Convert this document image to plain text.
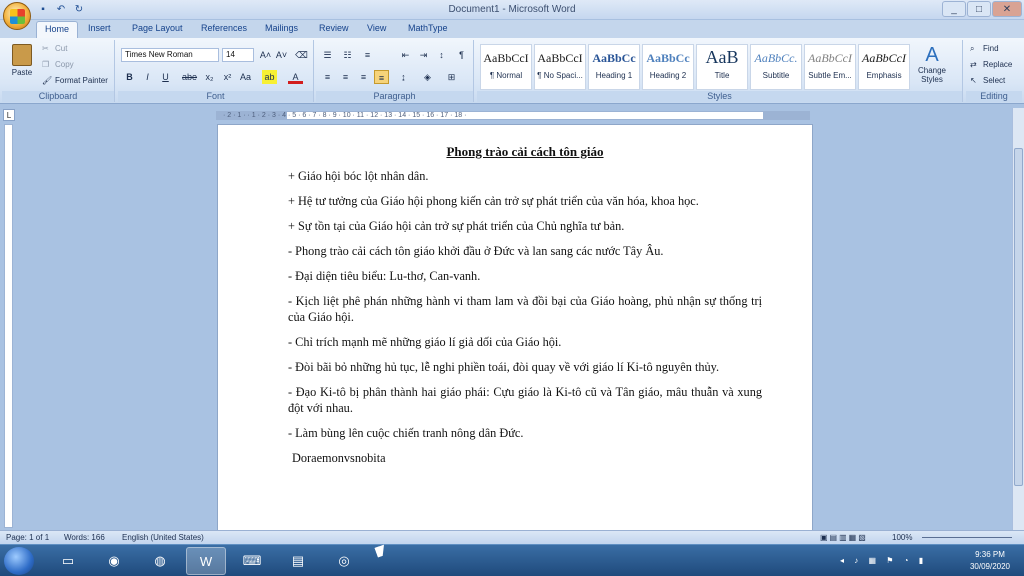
▪	↶ ↻	Document1 - Microsoft Word	_	□	✕
Home	Insert Page Layout References Mailings Review View MathType
Paste
✂ Cut
❐ Copy
🖌 Format Painter
Clipboard
Times New Roman	14	A˄ A˅ ⌫
B	I	U	abe x₂	x² Aa ab	A
Font
☰	☷	≡	⇤	⇥	↕	¶
≡	≡	≡	≡	↨	◈	⊞
Paragraph
AaBbCcI
¶ Normal
AaBbCcI
¶ No Spaci...
AaBbCc
Heading 1
AaBbCc
Heading 2
AaB
Title
AaBbCc.
Subtitle
AaBbCcI
Subtle Em...
AaBbCcI
Emphasis
A
Change Styles
Styles
⌕ Find
⇄ Replace
↖ Select
Editing
L	· 2 · 1 · · 1 · 2 · 3 · 4 · 5 · 6 · 7 · 8 · 9 · 10 · 11 · 12 · 13 · 14 · 15 · 16 · 17 · 18 ·
Phong trào cải cách tôn giáo

+ Giáo hội bóc lột nhân dân.

+ Hệ tư tưởng của Giáo hội phong kiến cản trở sự phát triển của văn hóa, khoa học.

+ Sự tồn tại của Giáo hội cản trở sự phát triển của Chủ nghĩa tư bản.

- Phong trào cải cách tôn giáo khởi đầu ở Đức và lan sang các nước Tây Âu.

- Đại diện tiêu biểu: Lu-thơ, Can-vanh.

- Kịch liệt phê phán những hành vi tham lam và đồi bại của Giáo hoàng, phủ nhận sự thống trị của Giáo hội.

- Chỉ trích mạnh mẽ những giáo lí giả dối của Giáo hội.

- Đòi bãi bỏ những hủ tục, lễ nghi phiền toái, đòi quay về với giáo lí Ki-tô nguyên thủy.

- Đạo Ki-tô bị phân thành hai giáo phái: Cựu giáo là Ki-tô cũ và Tân giáo, mâu thuẫn và xung đột với nhau.

- Làm bùng lên cuộc chiến tranh nông dân Đức.

Doraemonvsnobita

Page: 1 of 1 Words: 166 English (United States)	▣▤▥▦▧	100%
▭	◉	◍	W	⌨	▤	◎	◂ ♪ ▦ ⚑ ◔ ▮
9:36 PM
30/09/2020
